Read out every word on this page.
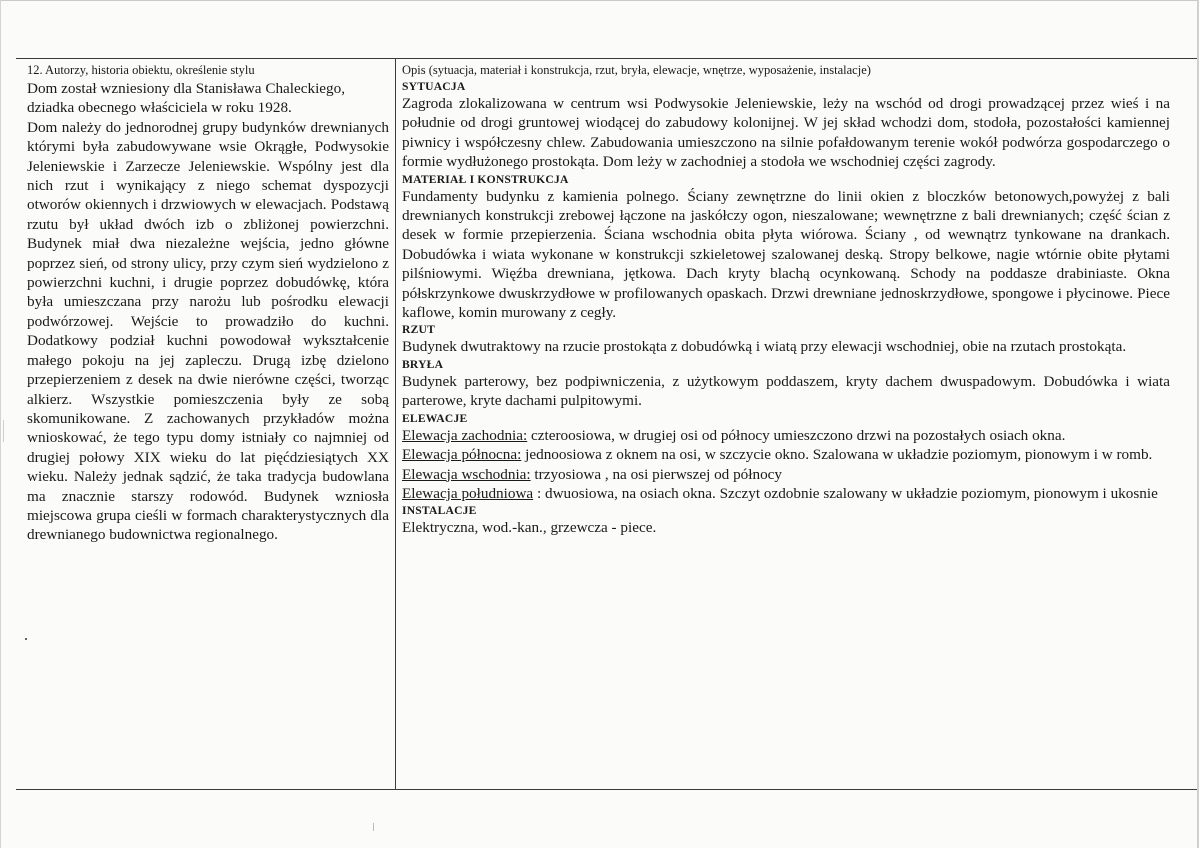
12. Autorzy, historia obiektu, określenie stylu

Dom został wzniesiony dla Stanisława Chaleckiego, dziadka obecnego właściciela w roku 1928.

Dom należy do jednorodnej grupy budynków drewnianych którymi była zabudowywane wsie Okrągłe, Podwysokie Jeleniewskie i Zarzecze Jeleniewskie. Wspólny jest dla nich rzut i wynikający z niego schemat dyspozycji otworów okiennych i drzwiowych w elewacjach. Podstawą rzutu był układ dwóch izb o zbliżonej powierzchni. Budynek miał dwa niezależne wejścia, jedno główne poprzez sień, od strony ulicy, przy czym sień wydzielono z powierzchni kuchni, i drugie poprzez dobudówkę, która była umieszczana przy narożu lub pośrodku elewacji podwórzowej. Wejście to prowadziło do kuchni. Dodatkowy podział kuchni powodował wykształcenie małego pokoju na jej zapleczu. Drugą izbę dzielono przepierzeniem z desek na dwie nierówne części, tworząc alkierz. Wszystkie pomieszczenia były ze sobą skomunikowane. Z zachowanych przykładów można wnioskować, że tego typu domy istniały co najmniej od drugiej połowy XIX wieku do lat pięćdziesiątych XX wieku. Należy jednak sądzić, że taka tradycja budowlana ma znacznie starszy rodowód. Budynek wzniosła miejscowa grupa cieśli w formach charakterystycznych dla drewnianego budownictwa regionalnego.

Opis (sytuacja, materiał i konstrukcja, rzut, bryła, elewacje, wnętrze, wyposażenie, instalacje)

SYTUACJA

Zagroda zlokalizowana w centrum wsi Podwysokie Jeleniewskie, leży na wschód od drogi prowadzącej przez wieś i na południe od drogi gruntowej wiodącej do zabudowy kolonijnej. W jej skład wchodzi dom, stodoła, pozostałości kamiennej piwnicy i współczesny chlew. Zabudowania umieszczono na silnie pofałdowanym terenie wokół podwórza gospodarczego o formie wydłużonego prostokąta. Dom leży w zachodniej a stodoła we wschodniej części zagrody.

MATERIAŁ I KONSTRUKCJA

Fundamenty budynku z kamienia polnego. Ściany zewnętrzne do linii okien z bloczków betonowych,powyżej z bali drewnianych konstrukcji zrebowej łączone na jaskółczy ogon, nieszalowane; wewnętrzne z bali drewnianych; część ścian z desek w formie przepierzenia. Ściana wschodnia obita płyta wiórowa. Ściany , od wewnątrz tynkowane na drankach. Dobudówka i wiata wykonane w konstrukcji szkieletowej szalowanej deską. Stropy belkowe, nagie wtórnie obite płytami pilśniowymi. Więźba drewniana, jętkowa. Dach kryty blachą ocynkowaną. Schody na poddasze drabiniaste. Okna półskrzynkowe dwuskrzydłowe w profilowanych opaskach. Drzwi drewniane jednoskrzydłowe, spongowe i płycinowe. Piece kaflowe, komin murowany z cegły.

RZUT

Budynek dwutraktowy na rzucie prostokąta z dobudówką i wiatą przy elewacji wschodniej, obie na rzutach prostokąta.

BRYŁA

Budynek parterowy, bez podpiwniczenia, z użytkowym poddaszem, kryty dachem dwuspadowym. Dobudówka i wiata parterowe, kryte dachami pulpitowymi.

ELEWACJE

Elewacja zachodnia: czteroosiowa, w drugiej osi od północy umieszczono drzwi na pozostałych osiach okna.

Elewacja północna: jednoosiowa z oknem na osi, w szczycie okno. Szalowana w układzie poziomym, pionowym i w romb.

Elewacja wschodnia: trzyosiowa , na osi pierwszej od północy

Elewacja południowa : dwuosiowa, na osiach okna. Szczyt ozdobnie szalowany w układzie poziomym, pionowym i ukosnie

INSTALACJE

Elektryczna, wod.-kan., grzewcza - piece.
